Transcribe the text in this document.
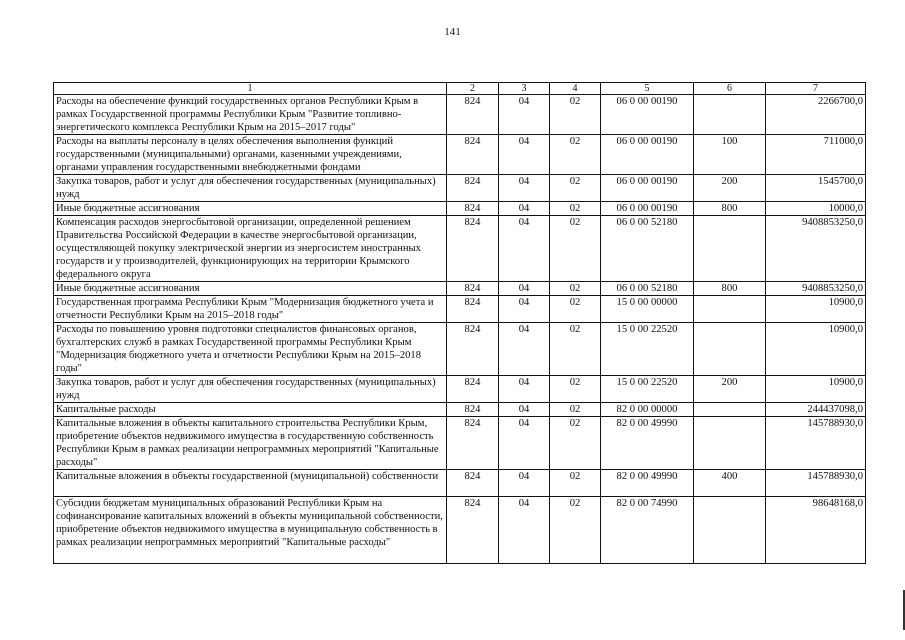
141
1	2	3	4	5	6	7
Расходы на обеспечение функций государственных органов Республики Крым в рамках Государственной программы Республики Крым "Развитие топливно-энергетического комплекса Республики Крым на 2015–2017 годы"	824	04	02	06 0 00 00190		2266700,0
Расходы на выплаты персоналу в целях обеспечения выполнения функций государственными (муниципальными) органами, казенными учреждениями, органами управления государственными внебюджетными фондами	824	04	02	06 0 00 00190	100	711000,0
Закупка товаров, работ и услуг для обеспечения государственных (муниципальных) нужд	824	04	02	06 0 00 00190	200	1545700,0
Иные бюджетные ассигнования	824	04	02	06 0 00 00190	800	10000,0
Компенсация расходов энергосбытовой организации, определенной решением Правительства Российской Федерации в качестве энергосбытовой организации, осуществляющей покупку электрической энергии из энергосистем иностранных государств и у производителей, функционирующих на территории Крымского федерального округа	824	04	02	06 0 00 52180		9408853250,0
Иные бюджетные ассигнования	824	04	02	06 0 00 52180	800	9408853250,0
Государственная программа Республики Крым "Модернизация бюджетного учета и отчетности Республики Крым на 2015–2018 годы"	824	04	02	15 0 00 00000		10900,0
Расходы по повышению уровня подготовки специалистов финансовых органов, бухгалтерских служб в рамках Государственной программы Республики Крым "Модернизация бюджетного учета и отчетности Республики Крым на 2015–2018 годы"	824	04	02	15 0 00 22520		10900,0
Закупка товаров, работ и услуг для обеспечения государственных (муниципальных) нужд	824	04	02	15 0 00 22520	200	10900,0
Капитальные расходы	824	04	02	82 0 00 00000		244437098,0
Капитальные вложения в объекты капитального строительства Республики Крым, приобретение объектов недвижимого имущества в государственную собственность Республики Крым в рамках реализации непрограммных мероприятий "Капитальные расходы"	824	04	02	82 0 00 49990		145788930,0
Капитальные вложения в объекты государственной (муниципальной) собственности	824	04	02	82 0 00 49990	400	145788930,0
Субсидии бюджетам муниципальных образований Республики Крым на софинансирование капитальных вложений в объекты муниципальной собственности, приобретение объектов недвижимого имущества в муниципальную собственность в рамках реализации непрограммных мероприятий "Капитальные расходы"	824	04	02	82 0 00 74990		98648168,0
